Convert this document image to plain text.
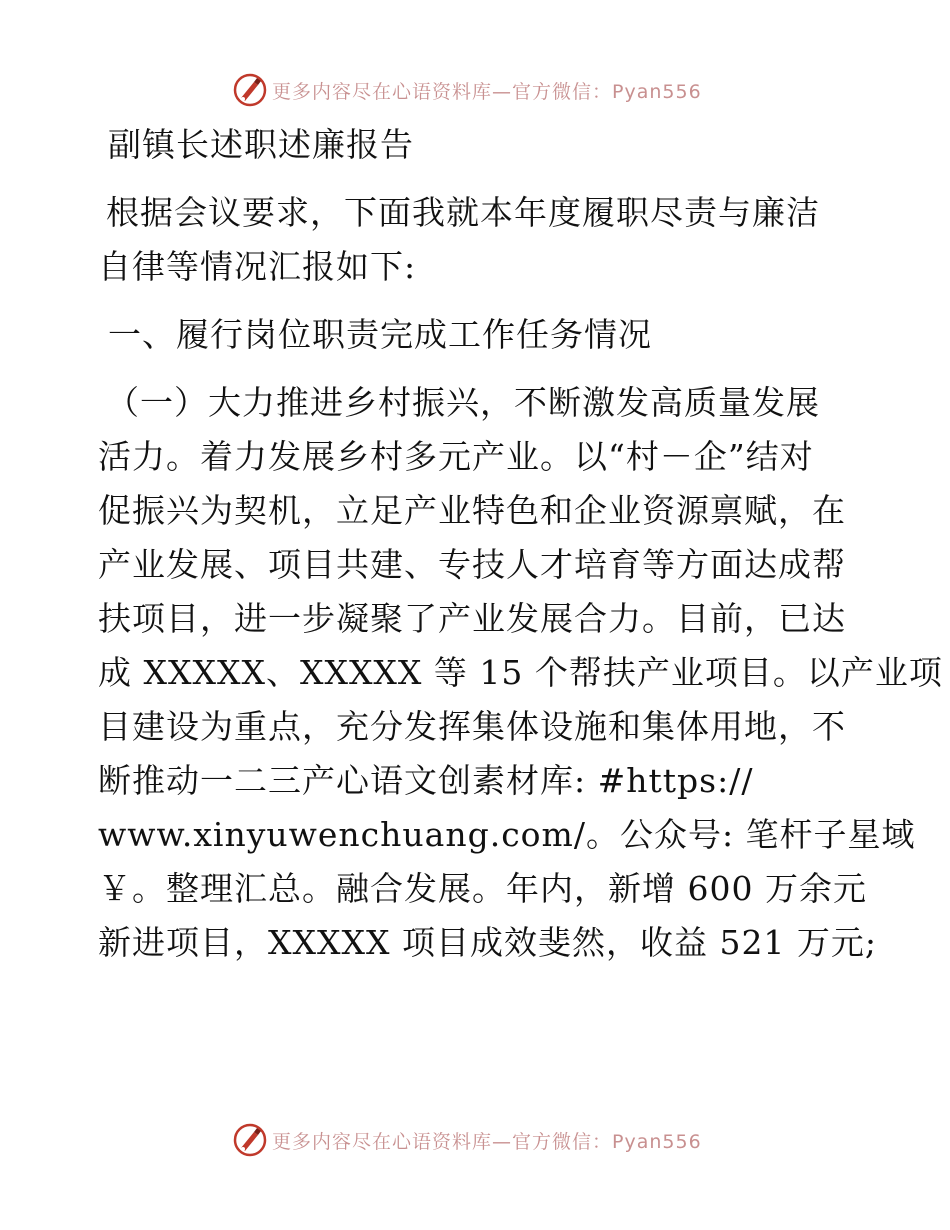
更多内容尽在心语资料库—官方微信：Pyan556
副镇长述职述廉报告

根据会议要求，下面我就本年度履职尽责与廉洁
自律等情况汇报如下:

一、履行岗位职责完成工作任务情况

（一）大力推进乡村振兴，不断激发高质量发展
活力。着力发展乡村多元产业。以“村－企”结对
促振兴为契机，立足产业特色和企业资源禀赋，在
产业发展、项目共建、专技人才培育等方面达成帮
扶项目，进一步凝聚了产业发展合力。目前，已达
成 XXXXX、XXXXX 等 15 个帮扶产业项目。以产业项
目建设为重点，充分发挥集体设施和集体用地，不
断推动一二三产心语文创素材库: #https://
www.xinyuwenchuang.com/。公众号: 笔杆子星域
￥。整理汇总。融合发展。年内，新增 600 万余元
新进项目，XXXXX 项目成效斐然，收益 521 万元;

更多内容尽在心语资料库—官方微信：Pyan556
